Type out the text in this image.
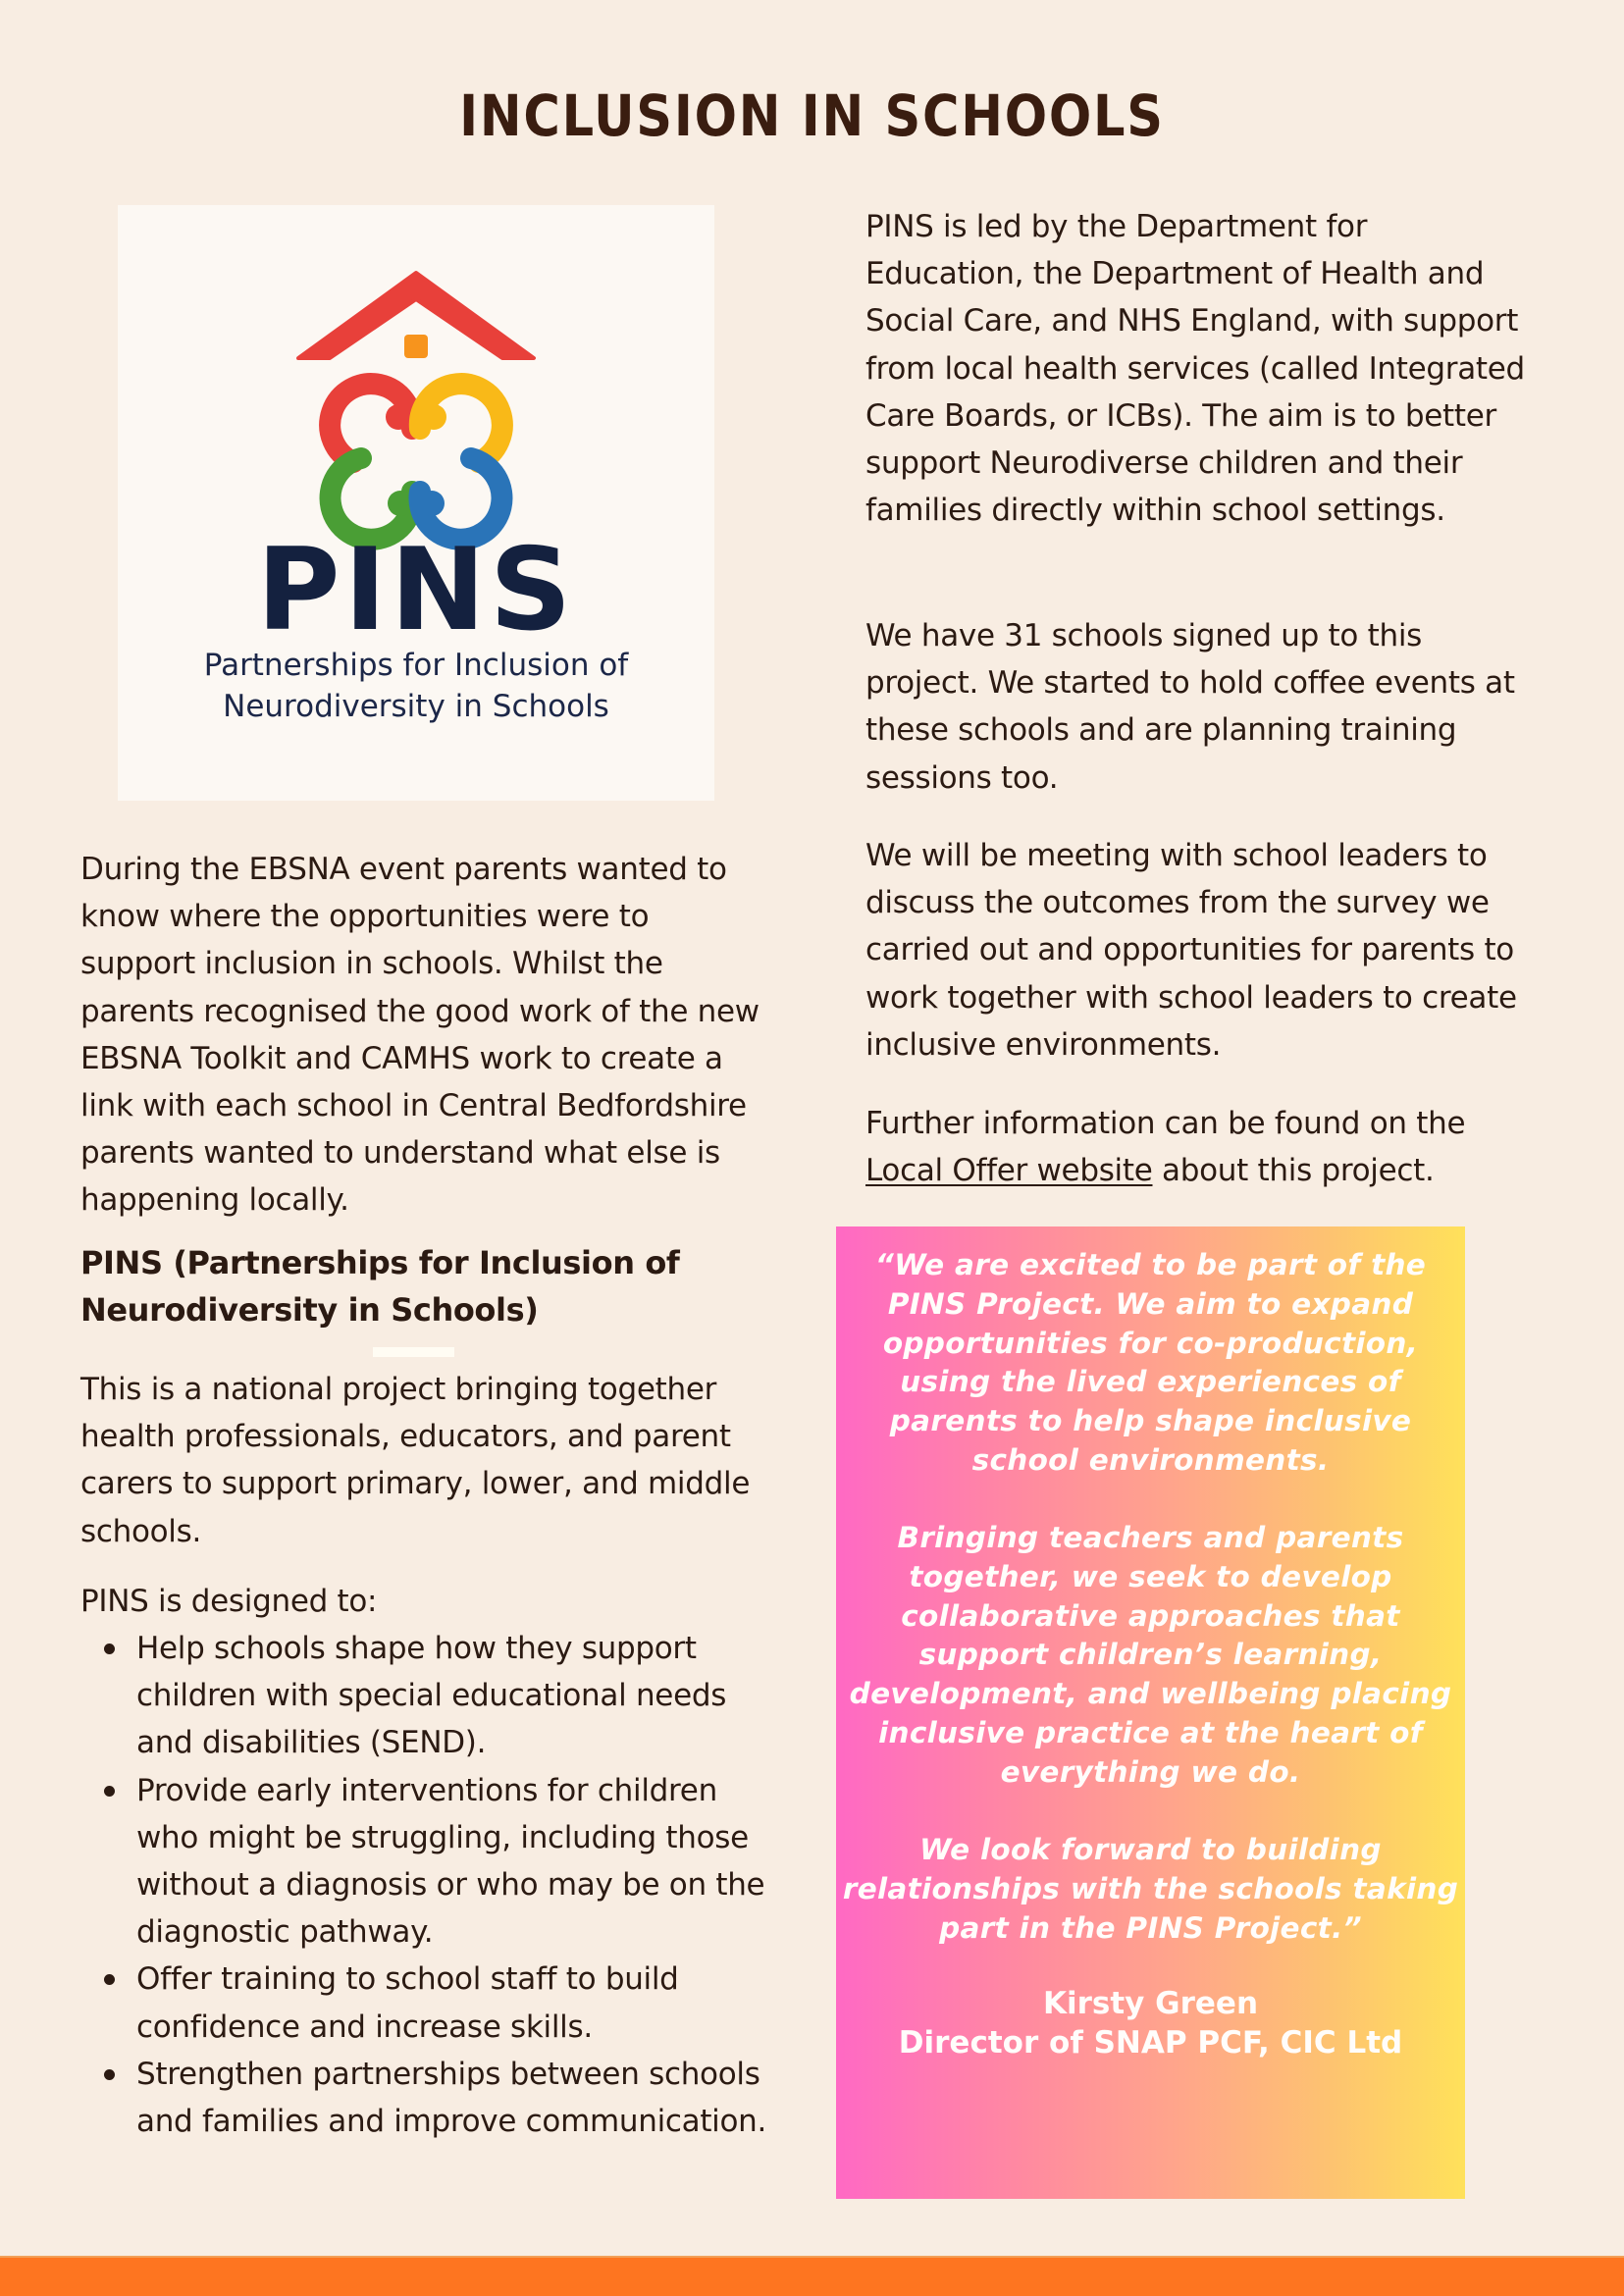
INCLUSION IN SCHOOLS
PINS
Partnerships for Inclusion of
Neurodiversity in Schools

During the EBSNA event parents wanted to know where the opportunities were to support inclusion in schools. Whilst the parents recognised the good work of the new EBSNA Toolkit and CAMHS work to create a link with each school in Central Bedfordshire parents wanted to understand what else is happening locally.

PINS (Partnerships for Inclusion of Neurodiversity in Schools)

This is a national project bringing together health professionals, educators, and parent carers to support primary, lower, and middle schools.

PINS is designed to:

Help schools shape how they support children with special educational needs and disabilities (SEND).
Provide early interventions for children who might be struggling, including those without a diagnosis or who may be on the diagnostic pathway.
Offer training to school staff to build confidence and increase skills.
Strengthen partnerships between schools and families and improve communication.

PINS is led by the Department for Education, the Department of Health and Social Care, and NHS England, with support from local health services (called Integrated Care Boards, or ICBs). The aim is to better support Neurodiverse children and their families directly within school settings.

We have 31 schools signed up to this project. We started to hold coffee events at these schools and are planning training sessions too.

We will be meeting with school leaders to discuss the outcomes from the survey we carried out and opportunities for parents to work together with school leaders to create inclusive environments.

Further information can be found on the
Local Offer website about this project.

“We are excited to be part of the PINS Project. We aim to expand opportunities for co-production, using the lived experiences of parents to help shape inclusive school environments.

Bringing teachers and parents together, we seek to develop collaborative approaches that support children’s learning, development, and wellbeing placing inclusive practice at the heart of everything we do.

We look forward to building relationships with the schools taking part in the PINS Project.”

Kirsty Green
Director of SNAP PCF, CIC Ltd
